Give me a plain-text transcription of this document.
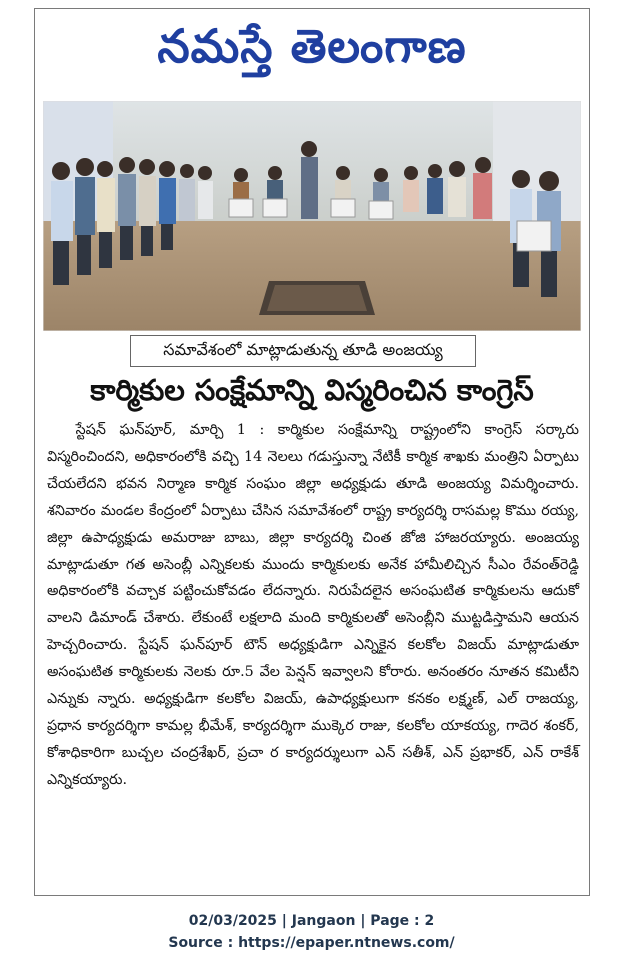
నమస్తే తెలంగాణ
సమావేశంలో మాట్లాడుతున్న తూడి అంజయ్య
కార్మికుల సంక్షేమాన్ని విస్మరించిన కాంగ్రెస్

స్టేషన్ ఘన్‌పూర్, మార్చి 1 : కార్మికుల సంక్షేమాన్ని రాష్ట్రంలోని కాంగ్రెస్ సర్కారు విస్మరించిందని, అధికారంలోకి వచ్చి 14 నెలలు గడుస్తున్నా నేటికీ కార్మిక శాఖకు మంత్రిని ఏర్పాటు చేయలేదని భవన నిర్మాణ కార్మిక సంఘం జిల్లా అధ్యక్షుడు తూడి అంజయ్య విమర్శించారు. శనివారం మండల కేంద్రంలో ఏర్పాటు చేసిన సమావేశంలో రాష్ట్ర కార్యదర్శి రాసమల్ల కొము రయ్య, జిల్లా ఉపాధ్యక్షుడు అమరాజు బాబు, జిల్లా కార్యదర్శి చింత జోజి హాజరయ్యారు. అంజయ్య మాట్లాడుతూ గత అసెంబ్లీ ఎన్నికలకు ముందు కార్మికులకు అనేక హామీలిచ్చిన సీఎం రేవంత్‌రెడ్డి అధికారంలోకి వచ్చాక పట్టించుకోవడం లేదన్నారు. నిరుపేదలైన అసంఘటిత కార్మికులను ఆదుకో వాలని డిమాండ్ చేశారు. లేకుంటే లక్షలాది మంది కార్మికులతో అసెంబ్లీని ముట్టడిస్తామని ఆయన హెచ్చరించారు. స్టేషన్ ఘన్‌పూర్ టౌన్ అధ్యక్షుడిగా ఎన్నికైన కలకోల విజయ్ మాట్లాడుతూ అసంఘటిత కార్మికులకు నెలకు రూ.5 వేల పెన్షన్ ఇవ్వాలని కోరారు. అనంతరం నూతన కమిటీని ఎన్నుకు న్నారు. అధ్యక్షుడిగా కలకోల విజయ్, ఉపాధ్యక్షులుగా కనకం లక్ష్మణ్, ఎల్ రాజయ్య, ప్రధాన కార్యదర్శిగా కామల్ల భీమేశ్, కార్యదర్శిగా ముక్కెర రాజు, కలకోల యాకయ్య, గాదెర శంకర్, కోశాధికారిగా బుచ్చల చంద్రశేఖర్, ప్రచా ర కార్యదర్శులుగా ఎన్ సతీశ్, ఎన్ ప్రభాకర్, ఎన్ రాకేశ్ ఎన్నికయ్యారు.

02/03/2025 | Jangaon | Page : 2
Source : https://epaper.ntnews.com/
